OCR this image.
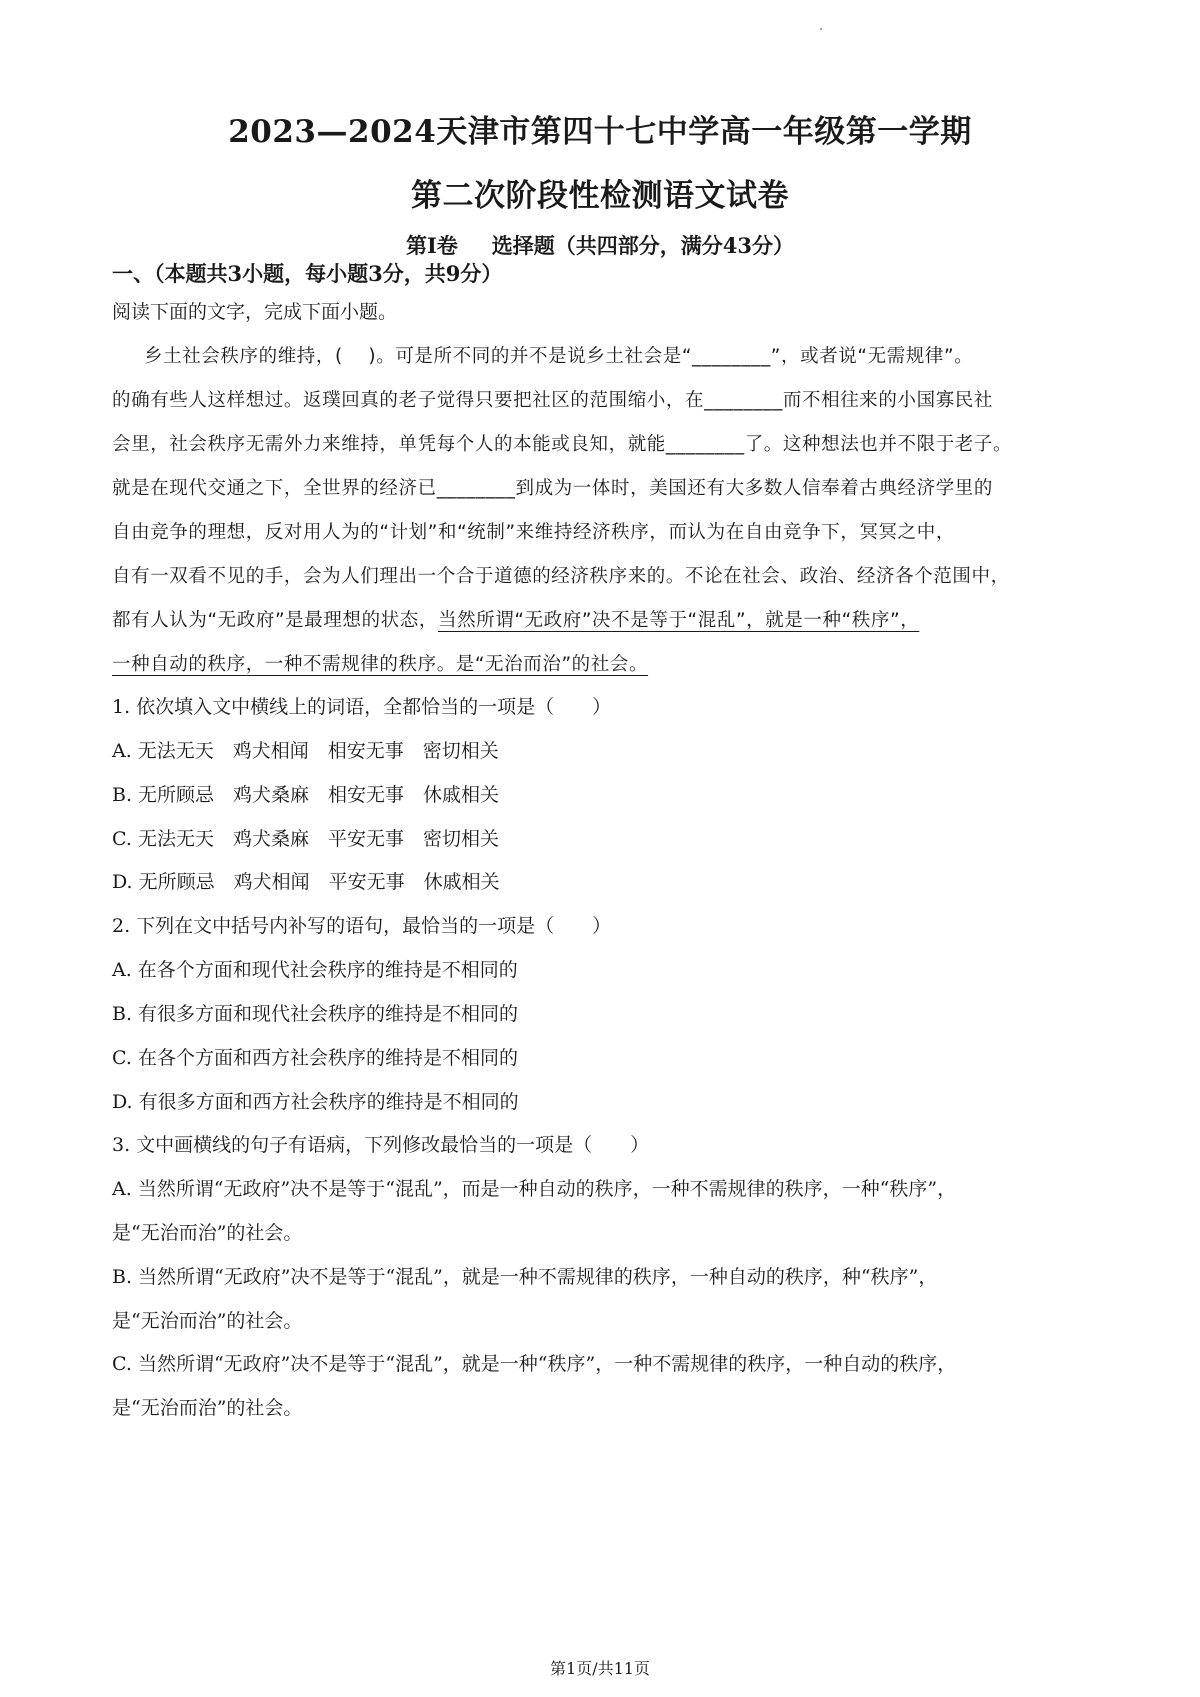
2023—2024天津市第四十七中学高一年级第一学期
第二次阶段性检测语文试卷
第Ⅰ卷 选择题（共四部分，满分43分）
一、（本题共3小题，每小题3分，共9分）
阅读下面的文字，完成下面小题。
乡土社会秩序的维持，(　 )。可是所不同的并不是说乡土社会是“________”，或者说“无需规律”。
的确有些人这样想过。返璞回真的老子觉得只要把社区的范围缩小，在________而不相往来的小国寡民社
会里，社会秩序无需外力来维持，单凭每个人的本能或良知，就能________了。这种想法也并不限于老子。
就是在现代交通之下，全世界的经济已________到成为一体时，美国还有大多数人信奉着古典经济学里的
自由竞争的理想，反对用人为的“计划”和“统制”来维持经济秩序，而认为在自由竞争下，冥冥之中，
自有一双看不见的手，会为人们理出一个合于道德的经济秩序来的。不论在社会、政治、经济各个范围中，
都有人认为“无政府”是最理想的状态，当然所谓“无政府”决不是等于“混乱”，就是一种“秩序”，
一种自动的秩序，一种不需规律的秩序。是“无治而治”的社会。
1. 依次填入文中横线上的词语，全都恰当的一项是（　　）
A. 无法无天　鸡犬相闻　相安无事　密切相关
B. 无所顾忌　鸡犬桑麻　相安无事　休戚相关
C. 无法无天　鸡犬桑麻　平安无事　密切相关
D. 无所顾忌　鸡犬相闻　平安无事　休戚相关
2. 下列在文中括号内补写的语句，最恰当的一项是（　　）
A. 在各个方面和现代社会秩序的维持是不相同的
B. 有很多方面和现代社会秩序的维持是不相同的
C. 在各个方面和西方社会秩序的维持是不相同的
D. 有很多方面和西方社会秩序的维持是不相同的
3. 文中画横线的句子有语病，下列修改最恰当的一项是（　　）
A. 当然所谓“无政府”决不是等于“混乱”，而是一种自动的秩序，一种不需规律的秩序，一种“秩序”，
是“无治而治”的社会。
B. 当然所谓“无政府”决不是等于“混乱”，就是一种不需规律的秩序，一种自动的秩序，种“秩序”，
是“无治而治”的社会。
C. 当然所谓“无政府”决不是等于“混乱”，就是一种“秩序”，一种不需规律的秩序，一种自动的秩序，
是“无治而治”的社会。
第1页/共11页
